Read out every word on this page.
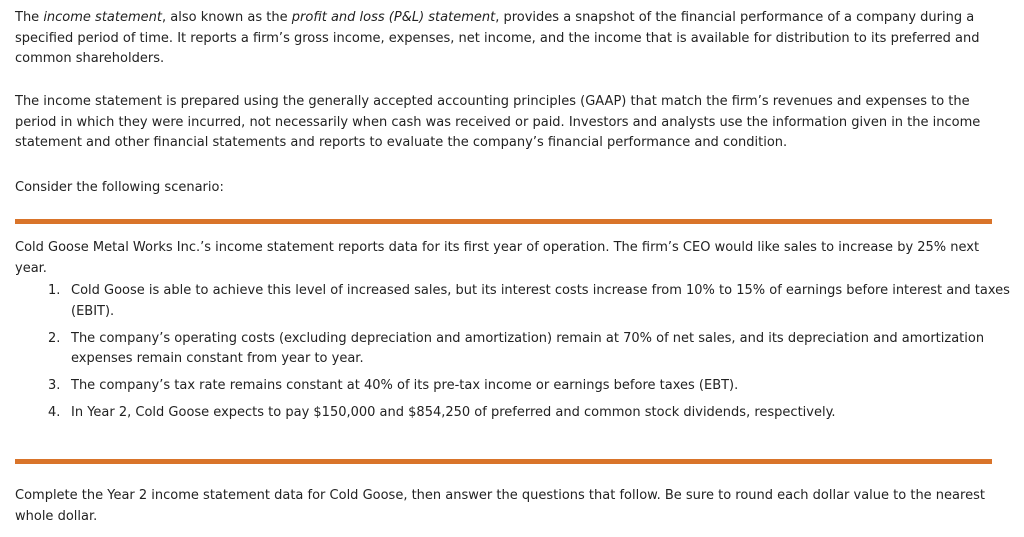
The income statement, also known as the profit and loss (P&L) statement, provides a snapshot of the financial performance of a company during a specified period of time. It reports a firm’s gross income, expenses, net income, and the income that is available for distribution to its preferred and common shareholders.

The income statement is prepared using the generally accepted accounting principles (GAAP) that match the firm’s revenues and expenses to the period in which they were incurred, not necessarily when cash was received or paid. Investors and analysts use the information given in the income statement and other financial statements and reports to evaluate the company’s financial performance and condition.

Consider the following scenario:

Cold Goose Metal Works Inc.’s income statement reports data for its first year of operation. The firm’s CEO would like sales to increase by 25% next year.

1. Cold Goose is able to achieve this level of increased sales, but its interest costs increase from 10% to 15% of earnings before interest and taxes (EBIT).
2. The company’s operating costs (excluding depreciation and amortization) remain at 70% of net sales, and its depreciation and amortization expenses remain constant from year to year.
3. The company’s tax rate remains constant at 40% of its pre-tax income or earnings before taxes (EBT).
4. In Year 2, Cold Goose expects to pay $150,000 and $854,250 of preferred and common stock dividends, respectively.

Complete the Year 2 income statement data for Cold Goose, then answer the questions that follow. Be sure to round each dollar value to the nearest whole dollar.
